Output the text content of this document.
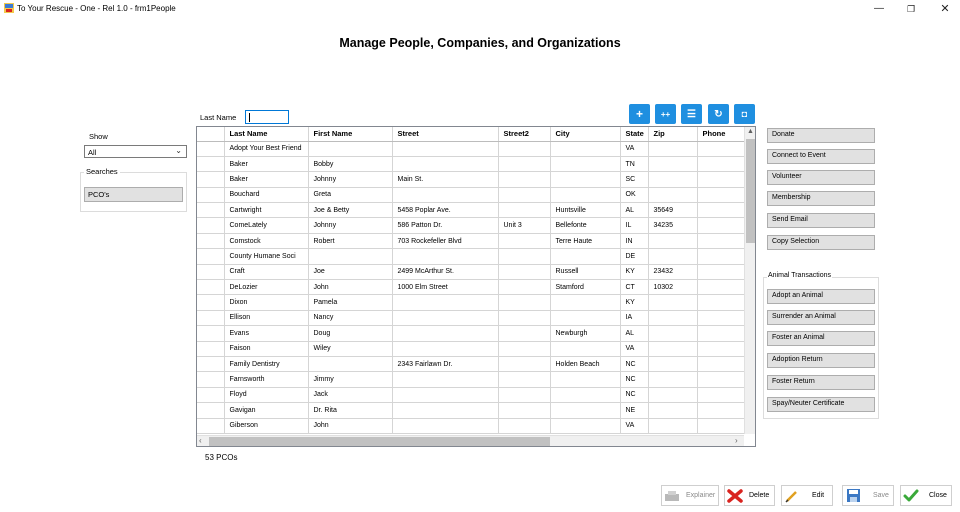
To Your Rescue - One - Rel 1.0 - frm1People	—	❐	✕
Manage People, Companies, and Organizations
Last Name	+ ++ ☰ ↻ ◘
Show
All	⌄
Searches
PCO's
	Last Name	First Name	Street	Street2	City	State	Zip	Phone
	Adopt Your Best Friend					VA		
	Baker	Bobby				TN		
	Baker	Johnny	Main St.			SC		
	Bouchard	Greta				OK		
	Cartwright	Joe & Betty	5458 Poplar Ave.		Huntsville	AL	35649	
	ComeLately	Johnny	586 Patton Dr.	Unit 3	Bellefonte	IL	34235	
	Comstock	Robert	703 Rockefeller Blvd		Terre Haute	IN		
	County Humane Soci					DE		
	Craft	Joe	2499 McArthur St.		Russell	KY	23432	
	DeLozier	John	1000 Elm Street		Stamford	CT	10302	
	Dixon	Pamela				KY		
	Ellison	Nancy				IA		
	Evans	Doug			Newburgh	AL		
	Faison	Wiley				VA		
	Family Dentistry		2343 Fairlawn Dr.		Holden Beach	NC		
	Farnsworth	Jimmy				NC		
	Floyd	Jack				NC		
	Gavigan	Dr. Rita				NE		
	Giberson	John				VA		
▲
‹	›
53 PCOs
Donate
Connect to Event
Volunteer
Membership
Send Email
Copy Selection
Animal Transactions
Adopt an Animal
Surrender an Animal
Foster an Animal
Adoption Return
Foster Return
Spay/Neuter Certificate
Explainer	Delete	Edit	Save	Close
